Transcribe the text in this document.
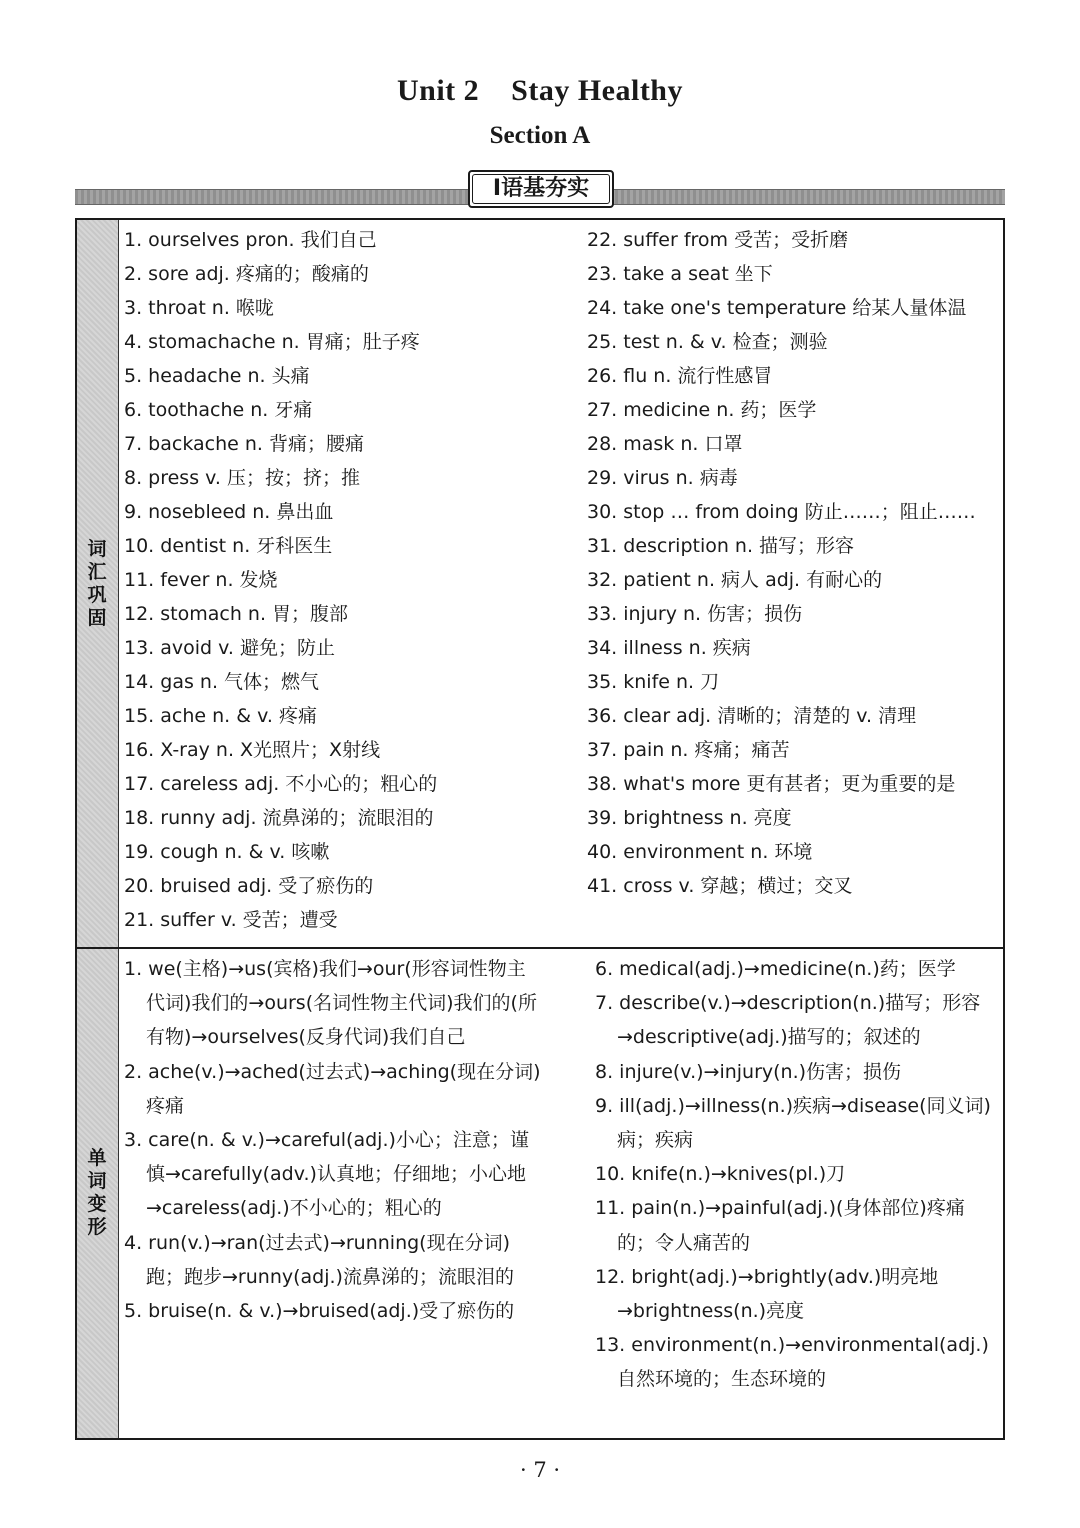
Unit 2    Stay Healthy
Section A
Ⅰ语基夯实
词汇巩固
单词变形
1. ourselves pron. 我们自己
2. sore adj. 疼痛的；酸痛的
3. throat n. 喉咙
4. stomachache n. 胃痛；肚子疼
5. headache n. 头痛
6. toothache n. 牙痛
7. backache n. 背痛；腰痛
8. press v. 压；按；挤；推
9. nosebleed n. 鼻出血
10. dentist n. 牙科医生
11. fever n. 发烧
12. stomach n. 胃；腹部
13. avoid v. 避免；防止
14. gas n. 气体；燃气
15. ache n. & v. 疼痛
16. X-ray n. X光照片；X射线
17. careless adj. 不小心的；粗心的
18. runny adj. 流鼻涕的；流眼泪的
19. cough n. & v. 咳嗽
20. bruised adj. 受了瘀伤的
21. suffer v. 受苦；遭受
22. suffer from 受苦；受折磨
23. take a seat 坐下
24. take one's temperature 给某人量体温
25. test n. & v. 检查；测验
26. flu n. 流行性感冒
27. medicine n. 药；医学
28. mask n. 口罩
29. virus n. 病毒
30. stop … from doing 防止……；阻止……
31. description n. 描写；形容
32. patient n. 病人 adj. 有耐心的
33. injury n. 伤害；损伤
34. illness n. 疾病
35. knife n. 刀
36. clear adj. 清晰的；清楚的 v. 清理
37. pain n. 疼痛；痛苦
38. what's more 更有甚者；更为重要的是
39. brightness n. 亮度
40. environment n. 环境
41. cross v. 穿越；横过；交叉
1. we(主格)→us(宾格)我们→our(形容词性物主代词)我们的→ours(名词性物主代词)我们的(所有物)→ourselves(反身代词)我们自己
2. ache(v.)→ached(过去式)→aching(现在分词)疼痛
3. care(n. & v.)→careful(adj.)小心；注意；谨慎→carefully(adv.)认真地；仔细地；小心地→careless(adj.)不小心的；粗心的
4. run(v.)→ran(过去式)→running(现在分词)跑；跑步→runny(adj.)流鼻涕的；流眼泪的
5. bruise(n. & v.)→bruised(adj.)受了瘀伤的
6. medical(adj.)→medicine(n.)药；医学
7. describe(v.)→description(n.)描写；形容→descriptive(adj.)描写的；叙述的
8. injure(v.)→injury(n.)伤害；损伤
9. ill(adj.)→illness(n.)疾病→disease(同义词)病；疾病
10. knife(n.)→knives(pl.)刀
11. pain(n.)→painful(adj.)(身体部位)疼痛的；令人痛苦的
12. bright(adj.)→brightly(adv.)明亮地→brightness(n.)亮度
13. environment(n.)→environmental(adj.)自然环境的；生态环境的
· 7 ·
